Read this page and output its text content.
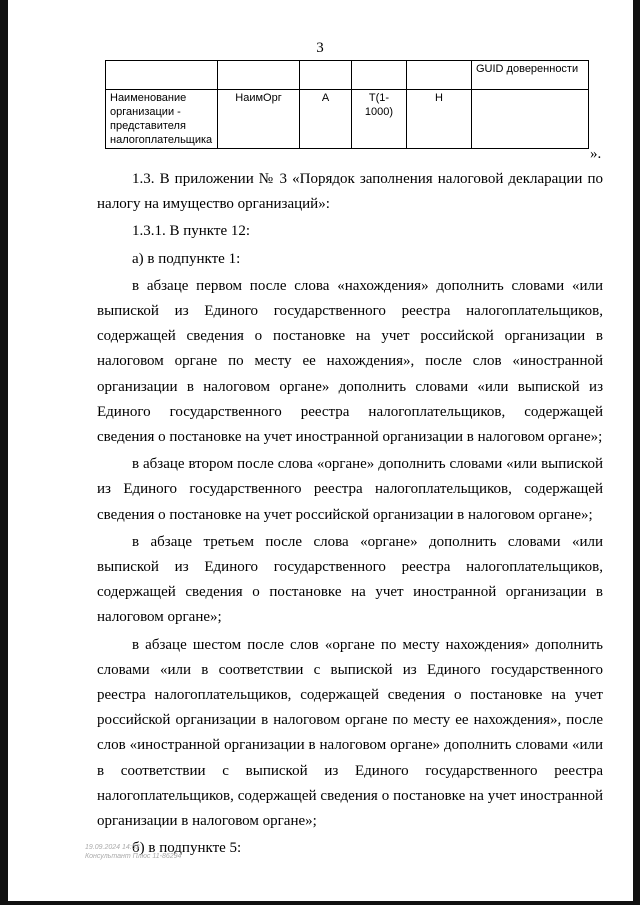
3
					GUID доверенности
Наименование организации - представителя налогоплательщика	НаимОрг	А	Т(1-1000)	Н	
».

1.3. В приложении № 3 «Порядок заполнения налоговой декларации по налогу на имущество организаций»:

1.3.1. В пункте 12:

а) в подпункте 1:

в абзаце первом после слова «нахождения» дополнить словами «или выпиской из Единого государственного реестра налогоплательщиков, содержащей сведения о постановке на учет российской организации в налоговом органе по месту ее нахождения», после слов «иностранной организации в налоговом органе» дополнить словами «или выпиской из Единого государственного реестра налогоплательщиков, содержащей сведения о постановке на учет иностранной организации в налоговом органе»;

в абзаце втором после слова «органе» дополнить словами «или выпиской из Единого государственного реестра налогоплательщиков, содержащей сведения о постановке на учет российской организации в налоговом органе»;

в абзаце третьем после слова «органе» дополнить словами «или выпиской из Единого государственного реестра налогоплательщиков, содержащей сведения о постановке на учет иностранной организации в налоговом органе»;

в абзаце шестом после слов «органе по месту нахождения» дополнить словами «или в соответствии с выпиской из Единого государственного реестра налогоплательщиков, содержащей сведения о постановке на учет российской организации в налоговом органе по месту ее нахождения», после слов «иностранной организации в налоговом органе» дополнить словами «или в соответствии с выпиской из Единого государственного реестра налогоплательщиков, содержащей сведения о постановке на учет иностранной организации в налоговом органе»;

б) в подпункте 5:

19.09.2024 14:53
Консультант Плюс 11-86294
